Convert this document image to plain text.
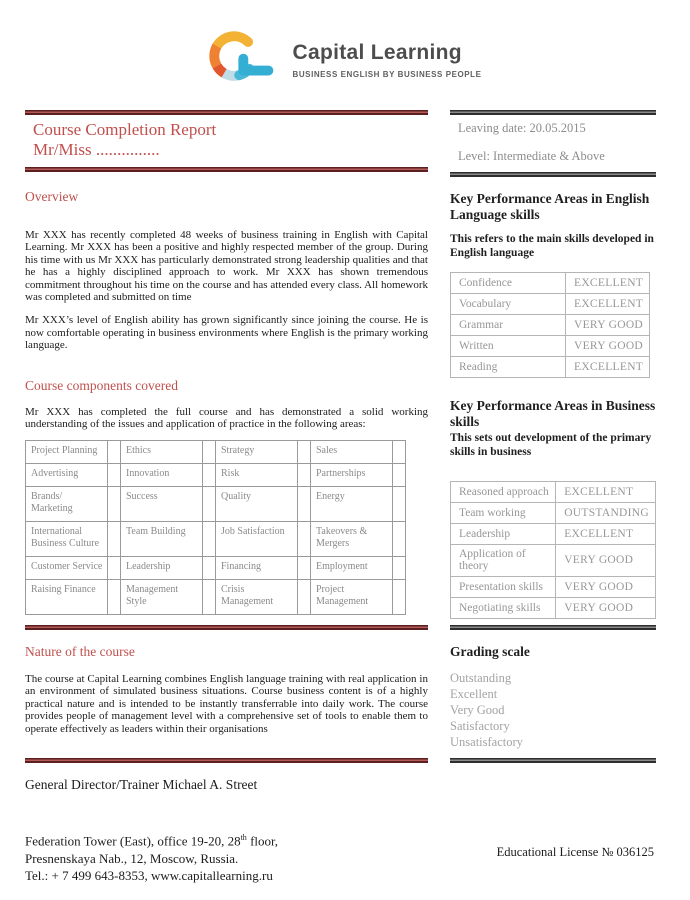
Capital Learning
BUSINESS ENGLISH BY BUSINESS PEOPLE
Course Completion Report
Mr/Miss ...............
Leaving date: 20.05.2015
Level: Intermediate & Above
Overview

Mr XXX has recently completed 48 weeks of business training in English with Capital Learning. Mr XXX has been a positive and highly respected member of the group. During his time with us Mr XXX has particularly demonstrated strong leadership qualities and that he has a highly disciplined approach to work. Mr XXX has shown tremendous commitment throughout his time on the course and has attended every class. All homework was completed and submitted on time

Mr XXX’s level of English ability has grown significantly since joining the course. He is now comfortable operating in business environments where English is the primary working language.

Course components covered

Mr XXX has completed the full course and has demonstrated a solid working understanding of the issues and application of practice in the following areas:

Project Planning		Ethics		Strategy		Sales	
Advertising		Innovation		Risk		Partnerships	
Brands/ Marketing		Success		Quality		Energy	
International Business Culture		Team Building		Job Satisfaction		Takeovers & Mergers	
Customer Service		Leadership		Financing		Employment	
Raising Finance		Management Style		Crisis Management		Project Management	
Key Performance Areas in English Language skills
This refers to the main skills developed in English language
Confidence	EXCELLENT
Vocabulary	EXCELLENT
Grammar	VERY GOOD
Written	VERY GOOD
Reading	EXCELLENT
Key Performance Areas in Business skills
This sets out development of the primary skills in business
Reasoned approach	EXCELLENT
Team working	OUTSTANDING
Leadership	EXCELLENT
Application of theory	VERY GOOD
Presentation skills	VERY GOOD
Negotiating skills	VERY GOOD
Nature of the course

The course at Capital Learning combines English language training with real application in an environment of simulated business situations. Course business content is of a highly practical nature and is intended to be instantly transferrable into daily work. The course provides people of management level with a comprehensive set of tools to enable them to operate effectively as leaders within their organisations

Grading scale
Outstanding
Excellent
Very Good
Satisfactory
Unsatisfactory
General Director/Trainer Michael A. Street
Federation Tower (East), office 19-20, 28th floor,
Presnenskaya Nab., 12, Moscow, Russia.
Tel.: + 7 499 643-8353, www.capitallearning.ru
Educational License № 036125
